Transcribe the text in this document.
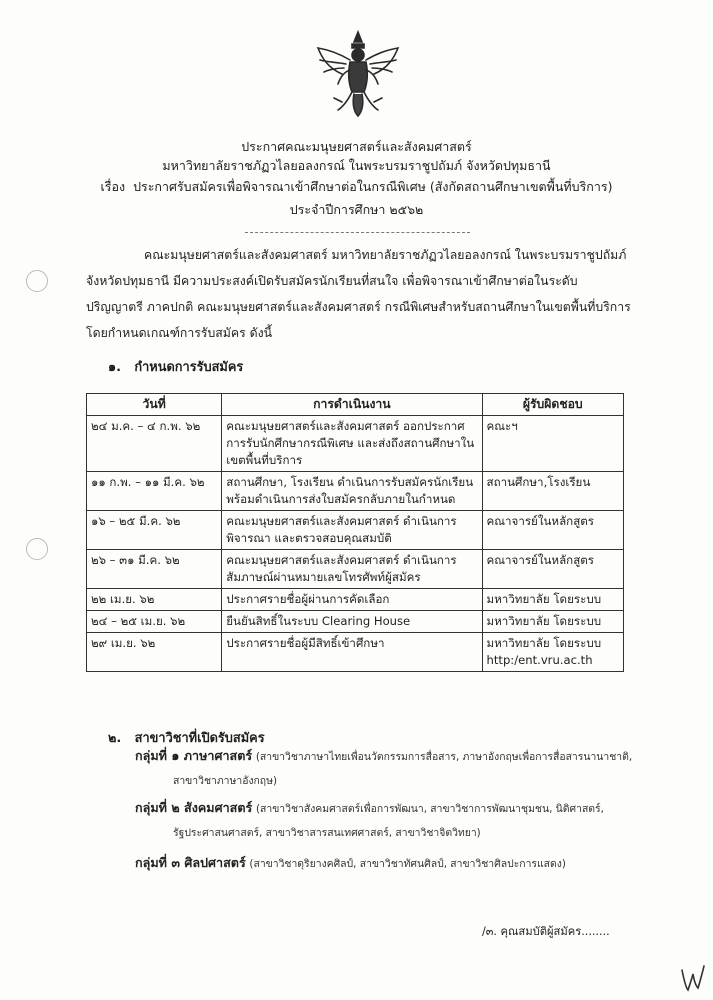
ประกาศคณะมนุษยศาสตร์และสังคมศาสตร์
มหาวิทยาลัยราชภัฏวไลยอลงกรณ์ ในพระบรมราชูปถัมภ์ จังหวัดปทุมธานี
เรื่อง ประกาศรับสมัครเพื่อพิจารณาเข้าศึกษาต่อในกรณีพิเศษ (สังกัดสถานศึกษาเขตพื้นที่บริการ)
ประจำปีการศึกษา ๒๕๖๒
คณะมนุษยศาสตร์และสังคมศาสตร์ มหาวิทยาลัยราชภัฏวไลยอลงกรณ์ ในพระบรมราชูปถัมภ์
จังหวัดปทุมธานี มีความประสงค์เปิดรับสมัครนักเรียนที่สนใจ เพื่อพิจารณาเข้าศึกษาต่อในระดับ
ปริญญาตรี ภาคปกติ คณะมนุษยศาสตร์และสังคมศาสตร์ กรณีพิเศษสำหรับสถานศึกษาในเขตพื้นที่บริการ
โดยกำหนดเกณฑ์การรับสมัคร ดังนี้
๑. กำหนดการรับสมัคร
วันที่	การดำเนินงาน	ผู้รับผิดชอบ
๒๔ ม.ค. – ๔ ก.พ. ๖๒	คณะมนุษยศาสตร์และสังคมศาสตร์ ออกประกาศการรับนักศึกษากรณีพิเศษ และส่งถึงสถานศึกษาในเขตพื้นที่บริการ	คณะฯ
๑๑ ก.พ. – ๑๑ มี.ค. ๖๒	สถานศึกษา, โรงเรียน ดำเนินการรับสมัครนักเรียน พร้อมดำเนินการส่งใบสมัครกลับภายในกำหนด	สถานศึกษา,โรงเรียน
๑๖ – ๒๕ มี.ค. ๖๒	คณะมนุษยศาสตร์และสังคมศาสตร์ ดำเนินการพิจารณา และตรวจสอบคุณสมบัติ	คณาจารย์ในหลักสูตร
๒๖ – ๓๑ มี.ค. ๖๒	คณะมนุษยศาสตร์และสังคมศาสตร์ ดำเนินการสัมภาษณ์ผ่านหมายเลขโทรศัพท์ผู้สมัคร	คณาจารย์ในหลักสูตร
๒๒ เม.ย. ๖๒	ประกาศรายชื่อผู้ผ่านการคัดเลือก	มหาวิทยาลัย โดยระบบ
๒๔ – ๒๕ เม.ย. ๖๒	ยืนยันสิทธิ์ในระบบ Clearing House	มหาวิทยาลัย โดยระบบ
๒๙ เม.ย. ๖๒	ประกาศรายชื่อผู้มีสิทธิ์เข้าศึกษา	มหาวิทยาลัย โดยระบบ
http:/ent.vru.ac.th
๒. สาขาวิชาที่เปิดรับสมัคร
กลุ่มที่ ๑ ภาษาศาสตร์ (สาขาวิชาภาษาไทยเพื่อนวัตกรรมการสื่อสาร, ภาษาอังกฤษเพื่อการสื่อสารนานาชาติ,
สาขาวิชาภาษาอังกฤษ)
กลุ่มที่ ๒ สังคมศาสตร์ (สาขาวิชาสังคมศาสตร์เพื่อการพัฒนา, สาขาวิชาการพัฒนาชุมชน, นิติศาสตร์,
รัฐประศาสนศาสตร์, สาขาวิชาสารสนเทศศาสตร์, สาขาวิชาจิตวิทยา)
กลุ่มที่ ๓ ศิลปศาสตร์ (สาขาวิชาดุริยางคศิลป์, สาขาวิชาทัศนศิลป์, สาขาวิชาศิลปะการแสดง)
/๓. คุณสมบัติผู้สมัคร........
